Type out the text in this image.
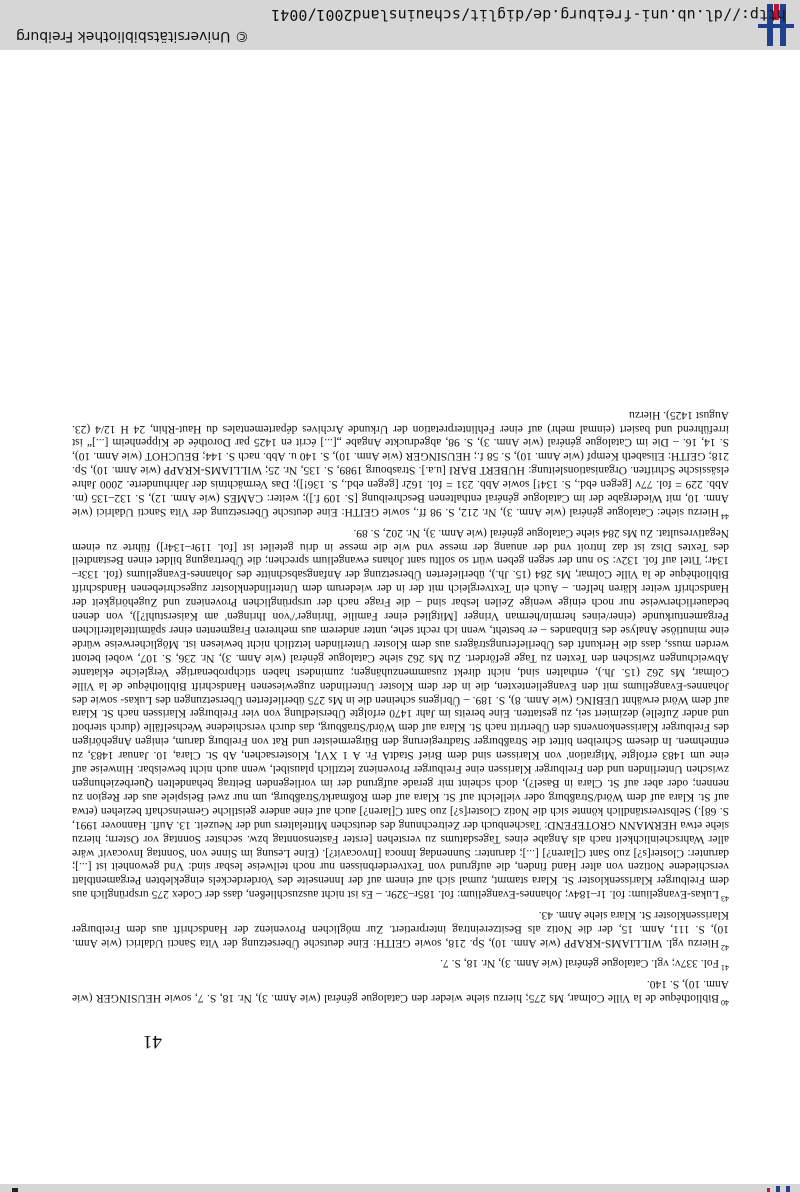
41

$^{40}$Bibliothèque de la Ville Colmar, Ms 275; hierzu siehe wieder den Catalogue général (wie Anm. 3), Nr. 18, S. 7, sowie HEUSINGER (wie Anm. 10), S. 140.

$^{41}$Fol. 337v; vgl. Catalogue général (wie Anm. 3), Nr. 18, S. 7.

$^{42}$Hierzu vgl. WILLIAMS-KRAPP (wie Anm. 10), Sp. 218, sowie GEITH: Eine deutsche Übersetzung der Vita Sancti Udalrici (wie Anm. 10), S. 111, Anm. 15, der die Notiz als Besitzereintrag interpretiert. Zur möglichen Provenienz der Handschrift aus dem Freiburger Klarissenkloster St. Klara siehe Anm. 43.

$^{43}$Lukas-Evangelium: fol. 1r–184v; Johannes-Evangelium: fol. 185r–329r. – Es ist nicht auszuschließen, dass der Codex 275 ursprünglich aus dem Freiburger Klarissenkloster St. Klara stammt, zumal sich auf einem auf der Innenseite des Vorderdeckels eingeklebten Pergamentblatt verschiedene Notizen von alter Hand finden, die aufgrund von Textverderbnissen nur noch teilweise lesbar sind: Vnd gewonheit ist [...]; darunter: Closter[s?] zuo Sant C[laren?] [...]; darunter: Sunnendag Innoca [Invocavit?]. (Eine Lesung im Sinne von 'Sonntag Invocavit' wäre aller Wahrscheinlichkeit nach als Angabe eines Tagesdatums zu verstehen [erster Fastensonntag bzw. sechster Sonntag vor Ostern; hierzu siehe etwa HERMANN GROTEFEND: Taschenbuch der Zeitrechnung des deutschen Mittelalters und der Neuzeit. 13. Aufl. Hannover 1991, S. 68].) Selbstverständlich könnte sich die Notiz Closter[s?] zuo Sant C[laren?] auch auf eine andere geistliche Gemeinschaft beziehen (etwa auf St. Klara auf dem Wörd/Straßburg oder vielleicht auf St. Klara auf dem Roßmarkt/Straßburg, um nur zwei Beispiele aus der Region zu nennen; oder aber auf St. Clara in Basel?), doch scheint mir gerade aufgrund der im vorliegenden Beitrag behandelten Querbeziehungen zwischen Unterlinden und den Freiburger Klarissen eine Freiburger Provenienz letztlich plausibel, wenn auch nicht beweisbar. Hinweise auf eine um 1483 erfolgte 'Migration' von Klarissen sind dem Brief StadtA Fr. A 1 XVI, Klostersachen, Ab St. Clara, 10. Januar 1483, zu entnehmen. In diesem Schreiben bittet die Straßburger Stadtregierung den Bürgermeister und Rat von Freiburg darum, einigen Angehörigen des Freiburger Klarissenkonvents den Übertritt nach St. Klara auf dem Wörd/Straßburg, das durch verschiedene Wechselfälle (durch sterbott und ander Zufelle) dezimiert sei, zu gestatten. Eine bereits im Jahr 1470 erfolgte Übersiedlung von vier Freiburger Klarissen nach St. Klara auf dem Wörd erwähnt UEBING (wie Anm. 8), S. 189. – Übrigens scheinen die in Ms 275 überlieferten Übersetzungen des Lukas- sowie des Johannes-Evangeliums mit den Evangelientexten, die in der dem Kloster Unterlinden zugewiesenen Handschrift Bibliothèque de la Ville Colmar, Ms 262 (15. Jh.), enthalten sind, nicht direkt zusammenzuhängen; zumindest haben stichprobenartige Vergleiche eklatante Abweichungen zwischen den Texten zu Tage gefördert. Zu Ms 262 siehe Catalogue général (wie Anm. 3), Nr. 236, S. 107, wobei betont werden muss, dass die Herkunft des Überlieferungsträgers aus dem Kloster Unterlinden letztlich nicht bewiesen ist. Möglicherweise würde eine minutiöse Analyse des Einbandes – er besteht, wenn ich recht sehe, unter anderem aus mehreren Fragmenten einer spätmittelalterlichen Pergamenturkunde (einer/eines hermin/herman Vringer [Mitglied einer Familie 'Ihringer'/'von Ihringen' am Kaiserstuhl?]), von denen bedauerlicherweise nur noch einige wenige Zeilen lesbar sind – die Frage nach der ursprünglichen Provenienz und Zugehörigkeit der Handschrift weiter klären helfen. – Auch ein Textvergleich mit der in der wiederum dem Unterlindenkloster zugeschriebenen Handschrift Bibliothèque de la Ville Colmar, Ms 284 (15. Jh.), überlieferten Übersetzung der Anfangsabschnitte des Johannes-Evangeliums (fol. 133r–134r; Titel auf fol. 132v: So nun der segen geben würt so solltu sant Johans ewangelium sprechen; die Übertragung bildet einen Bestandteil des Textes Disz ist daz Introit vnd der anuang der messe vnd wie die messe in driu geteilet ist [fol. 119r–134r]) führte zu einem Negativresultat. Zu Ms 284 siehe Catalogue général (wie Anm. 3), Nr. 202, S. 89.

$^{44}$Hierzu siehe: Catalogue général (wie Anm. 3), Nr. 212, S. 98 ff., sowie GEITH: Eine deutsche Übersetzung der Vita Sancti Udalrici (wie Anm. 10, mit Wiedergabe der im Catalogue général enthaltenen Beschreibung [S. 109 f.]); weiter: CAMES (wie Anm. 12), S. 132–135 (m. Abb. 229 = fol. 77v [gegen ebd., S. 134!] sowie Abb. 231 = fol. 162r [gegen ebd., S. 136!]); Das Vermächtnis der Jahrhunderte. 2000 Jahre elsässische Schriften. Organisationsleitung: HUBERT BARI [u.a.]. Strasbourg 1989, S. 135, Nr. 25; WILLIAMS-KRAPP (wie Anm. 10), Sp. 218; GEITH: Elisabeth Kempf (wie Anm. 10), S. 58 f.; HEUSINGER (wie Anm. 10), S. 140 u. Abb. nach S. 144; BEUCHOT (wie Anm. 10), S. 14, 16. – Die im Catalogue général (wie Anm. 3), S. 98, abgedruckte Angabe „[...] écrit en 1425 par Dorothée de Kippenheim [...]“ ist irreführend und basiert (einmal mehr) auf einer Fehlinterpretation der Urkunde Archives départementales du Haut-Rhin, 24 H 12/4 (23. August 1425). Hierzu

http://dl.ub.uni-freiburg.de/diglit/schauinsland2001/0041
© Universitätsbibliothek Freiburg
